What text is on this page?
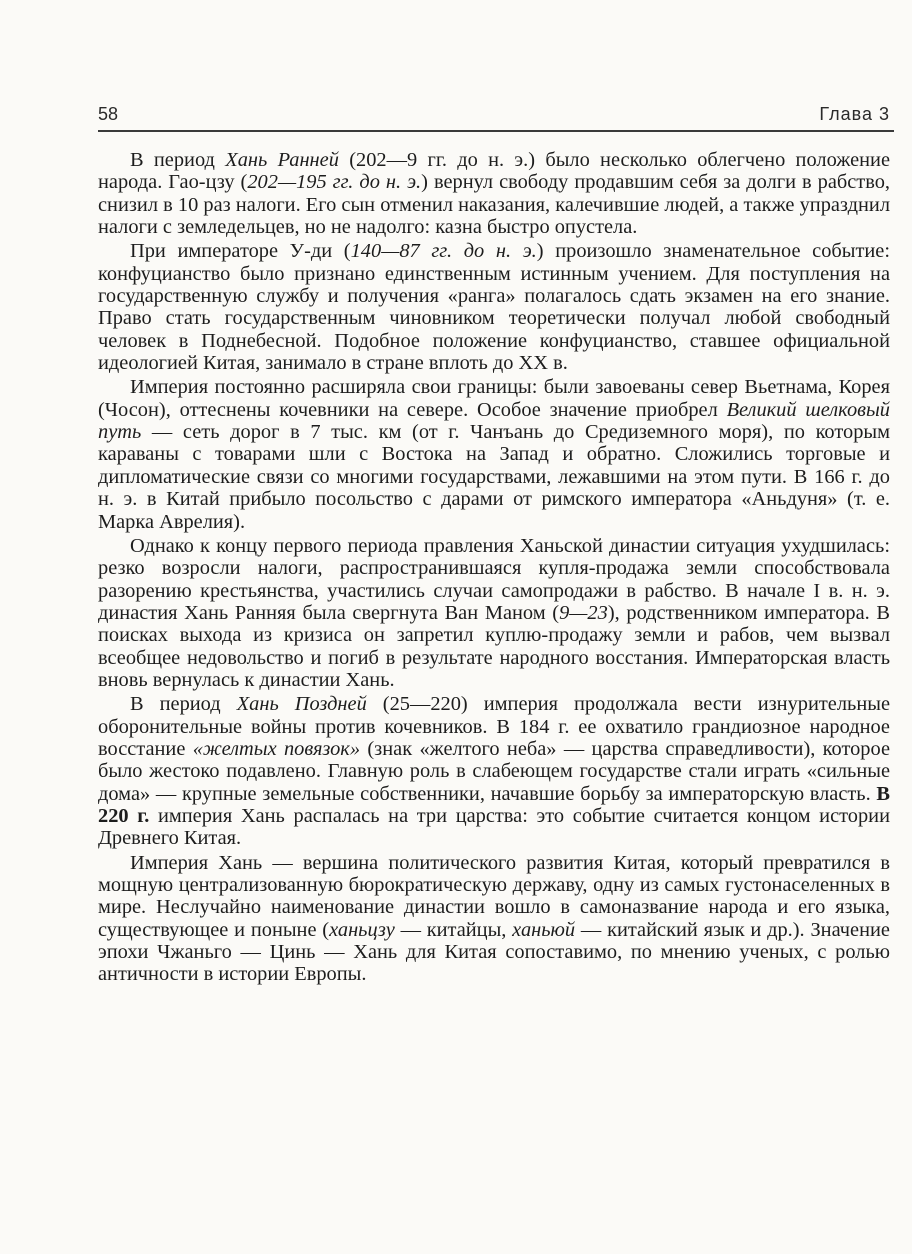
58	Глава 3

В период Хань Ранней (202—9 гг. до н. э.) было несколько облегчено положение народа. Гао-цзу (202—195 гг. до н. э.) вернул свободу продавшим себя за долги в рабство, снизил в 10 раз налоги. Его сын отменил наказания, калечившие людей, а также упразднил налоги с земледельцев, но не надолго: казна быстро опустела.

При императоре У-ди (140—87 гг. до н. э.) произошло знаменательное событие: конфуцианство было признано единственным истинным учением. Для поступления на государственную службу и получения «ранга» полагалось сдать экзамен на его знание. Право стать государственным чиновником теоретически получал любой свободный человек в Поднебесной. Подобное положение конфуцианство, ставшее официальной идеологией Китая, занимало в стране вплоть до XX в.

Империя постоянно расширяла свои границы: были завоеваны север Вьетнама, Корея (Чосон), оттеснены кочевники на севере. Особое значение приобрел Великий шелковый путь — сеть дорог в 7 тыс. км (от г. Чанъань до Средиземного моря), по которым караваны с товарами шли с Востока на Запад и обратно. Сложились торговые и дипломатические связи со многими государствами, лежавшими на этом пути. В 166 г. до н. э. в Китай прибыло посольство с дарами от римского императора «Аньдуня» (т. е. Марка Аврелия).

Однако к концу первого периода правления Ханьской династии ситуация ухудшилась: резко возросли налоги, распространившаяся купля-продажа земли способствовала разорению крестьянства, участились случаи самопродажи в рабство. В начале I в. н. э. династия Хань Ранняя была свергнута Ван Маном (9—23), родственником императора. В поисках выхода из кризиса он запретил куплю-продажу земли и рабов, чем вызвал всеобщее недовольство и погиб в результате народного восстания. Императорская власть вновь вернулась к династии Хань.

В период Хань Поздней (25—220) империя продолжала вести изнурительные оборонительные войны против кочевников. В 184 г. ее охватило грандиозное народное восстание «желтых повязок» (знак «желтого неба» — царства справедливости), которое было жестоко подавлено. Главную роль в слабеющем государстве стали играть «сильные дома» — крупные земельные собственники, начавшие борьбу за императорскую власть. В 220 г. империя Хань распалась на три царства: это событие считается концом истории Древнего Китая.

Империя Хань — вершина политического развития Китая, который превратился в мощную централизованную бюрократическую державу, одну из самых густонаселенных в мире. Неслучайно наименование династии вошло в самоназвание народа и его языка, существующее и поныне (ханьцзу — китайцы, ханьюй — китайский язык и др.). Значение эпохи Чжаньго — Цинь — Хань для Китая сопоставимо, по мнению ученых, с ролью античности в истории Европы.
